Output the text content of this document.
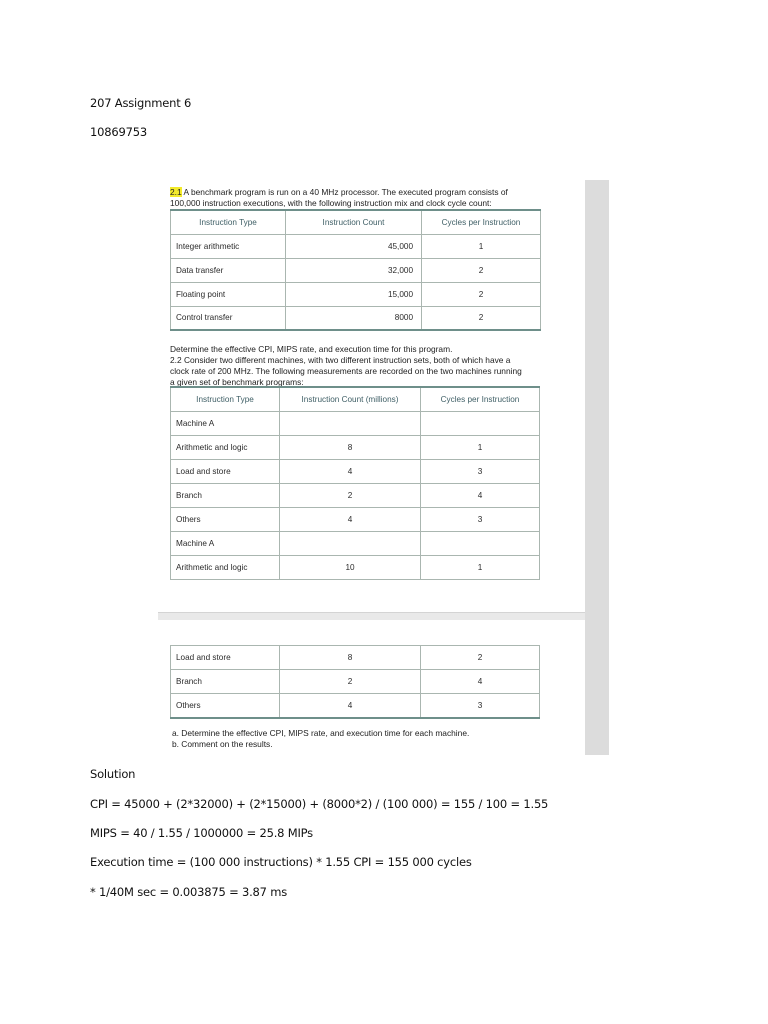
207 Assignment 6
10869753
2.1 A benchmark program is run on a 40 MHz processor. The executed program consists of
100,000 instruction executions, with the following instruction mix and clock cycle count:
Instruction Type	Instruction Count	Cycles per Instruction
Integer arithmetic	45,000	1
Data transfer	32,000	2
Floating point	15,000	2
Control transfer	8000	2
Determine the effective CPI, MIPS rate, and execution time for this program.
2.2 Consider two different machines, with two different instruction sets, both of which have a
clock rate of 200 MHz. The following measurements are recorded on the two machines running
a given set of benchmark programs:
Instruction Type	Instruction Count (millions)	Cycles per Instruction
Machine A		
Arithmetic and logic	8	1
Load and store	4	3
Branch	2	4
Others	4	3
Machine A		
Arithmetic and logic	10	1
Load and store	8	2
Branch	2	4
Others	4	3
a. Determine the effective CPI, MIPS rate, and execution time for each machine.
b. Comment on the results.
Solution
CPI = 45000 + (2*32000) + (2*15000) + (8000*2) / (100 000) = 155 / 100 = 1.55
MIPS = 40 / 1.55 / 1000000 = 25.8 MIPs
Execution time = (100 000 instructions) * 1.55 CPI = 155 000 cycles
* 1/40M sec = 0.003875 = 3.87 ms
